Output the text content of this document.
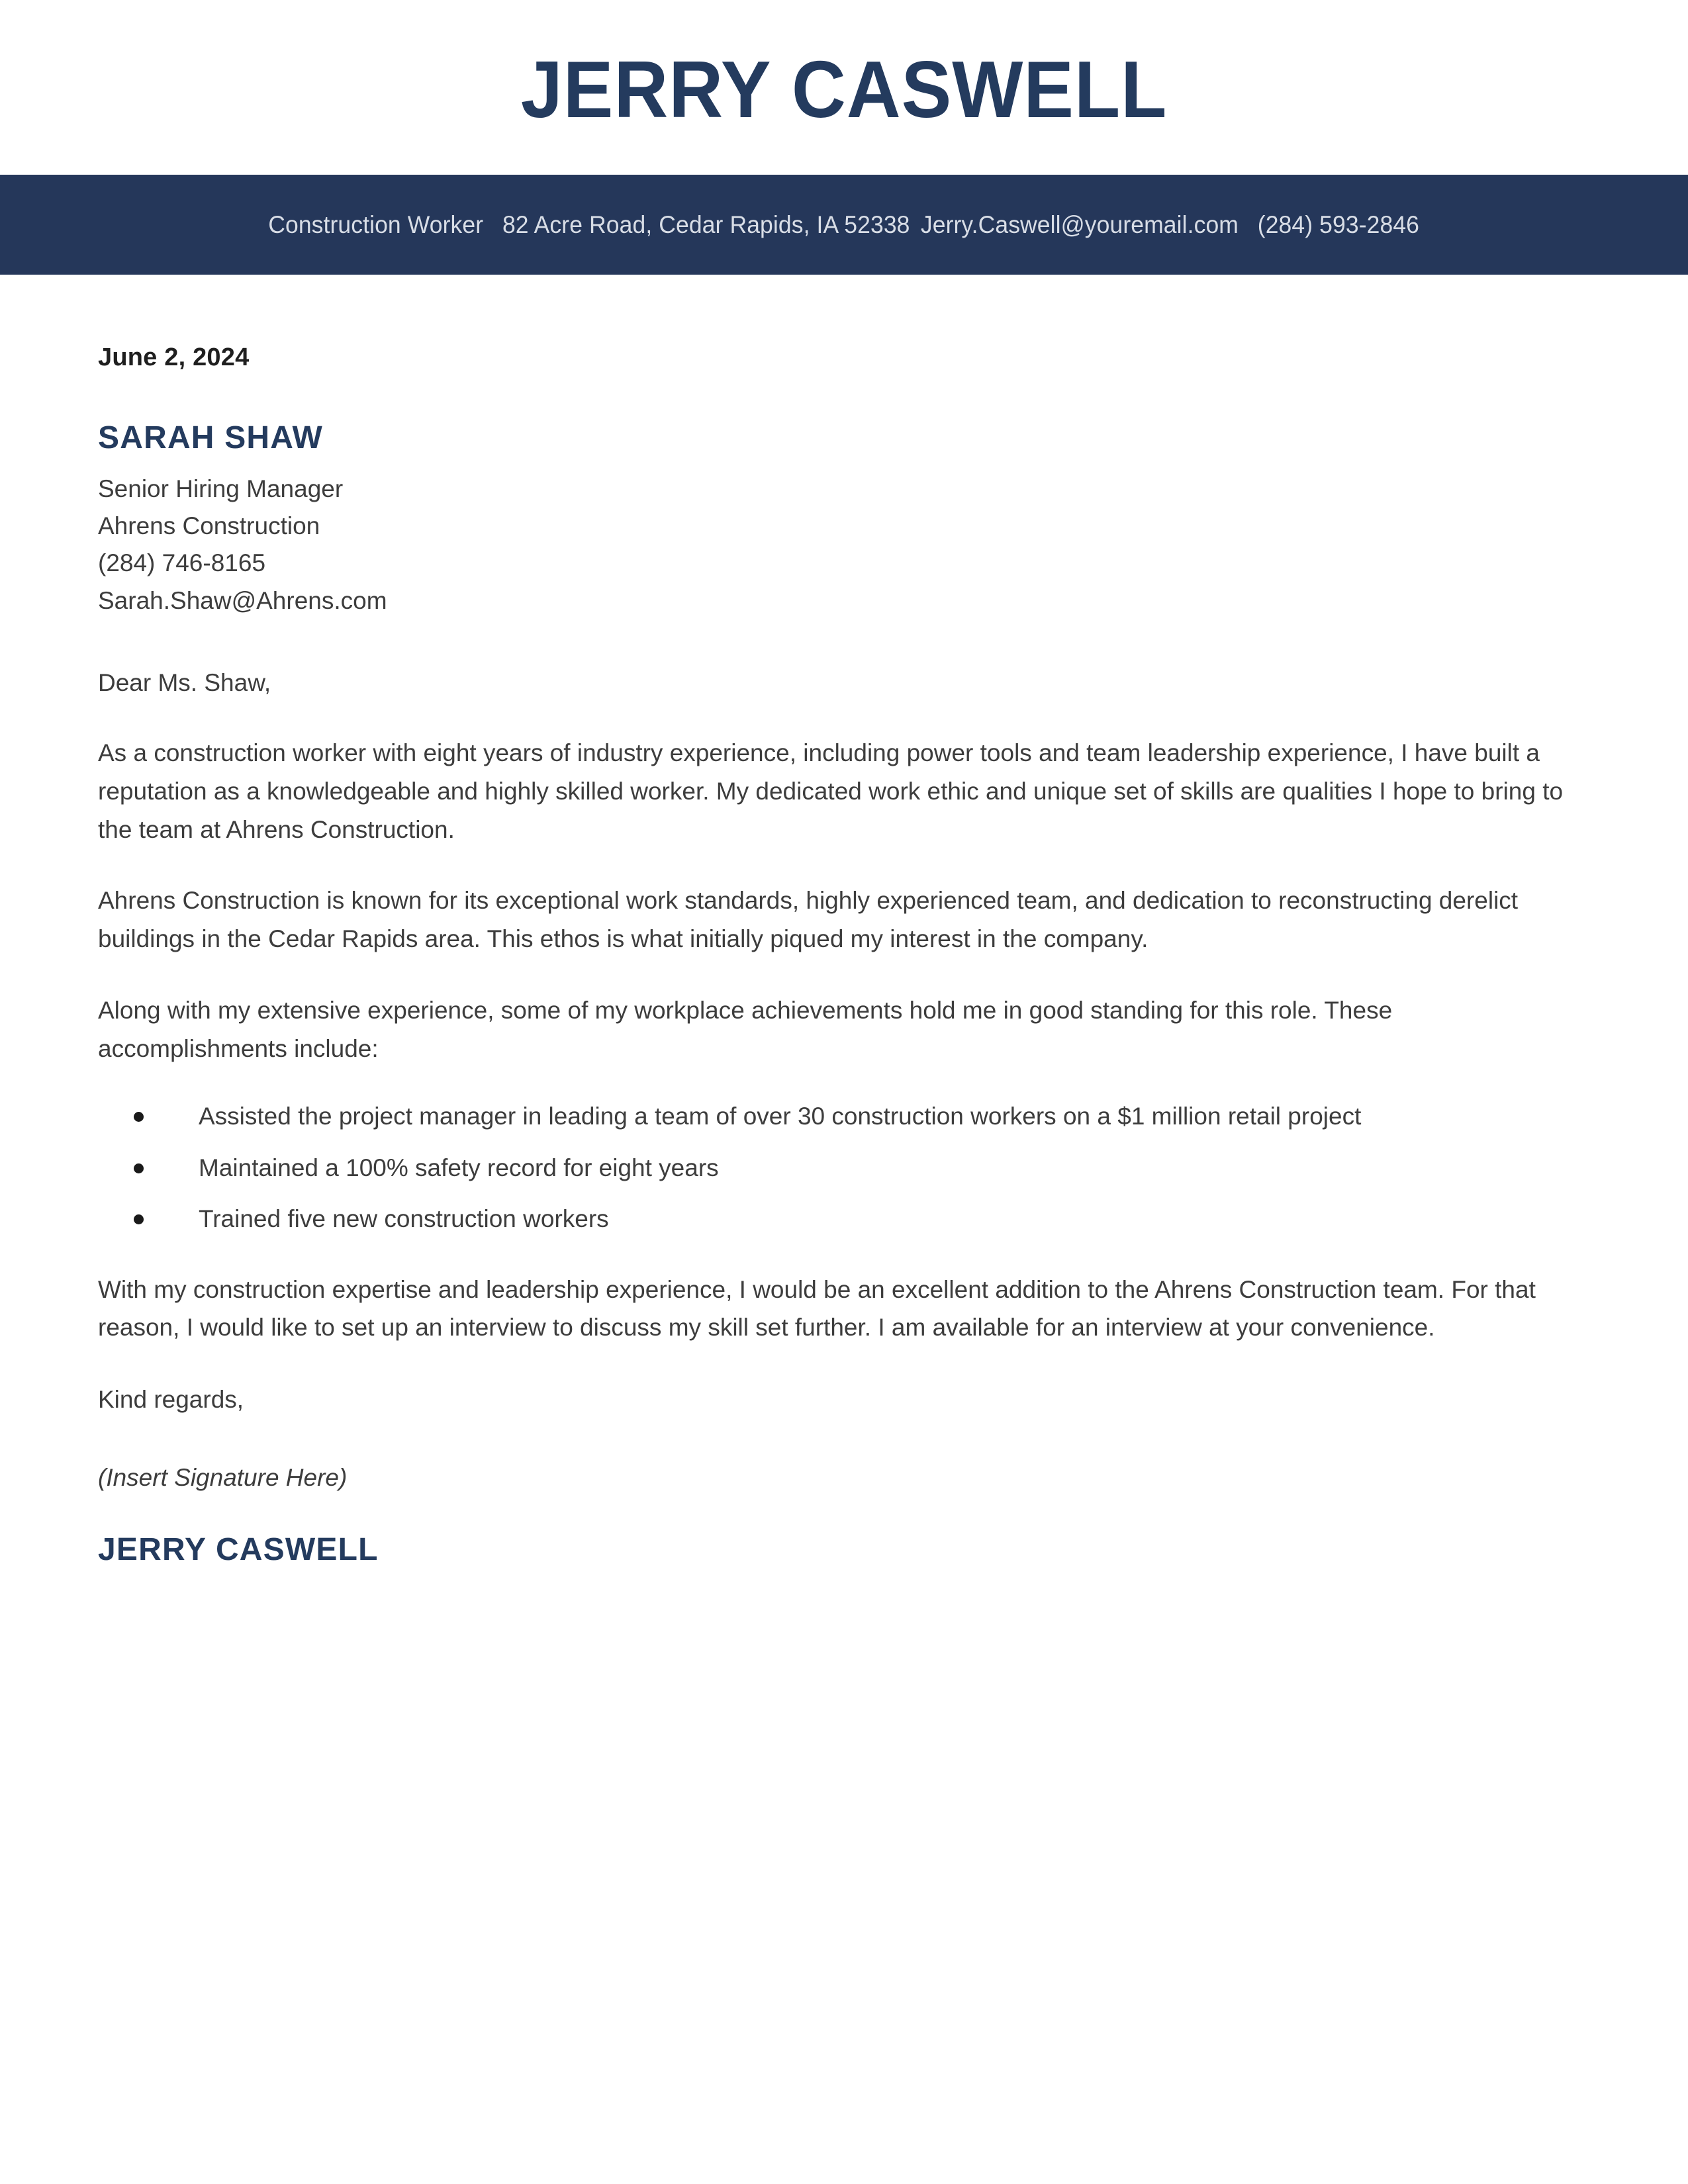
JERRY CASWELL
Construction Worker 82 Acre Road, Cedar Rapids, IA 52338 Jerry.Caswell@youremail.com (284) 593-2846
June 2, 2024
SARAH SHAW
Senior Hiring Manager
Ahrens Construction
(284) 746-8165
Sarah.Shaw@Ahrens.com
Dear Ms. Shaw,

As a construction worker with eight years of industry experience, including power tools and team leadership experience, I have built a reputation as a knowledgeable and highly skilled worker. My dedicated work ethic and unique set of skills are qualities I hope to bring to the team at Ahrens Construction.

Ahrens Construction is known for its exceptional work standards, highly experienced team, and dedication to reconstructing derelict buildings in the Cedar Rapids area. This ethos is what initially piqued my interest in the company.

Along with my extensive experience, some of my workplace achievements hold me in good standing for this role. These accomplishments include:

Assisted the project manager in leading a team of over 30 construction workers on a $1 million retail project
Maintained a 100% safety record for eight years
Trained five new construction workers

With my construction expertise and leadership experience, I would be an excellent addition to the Ahrens Construction team. For that reason, I would like to set up an interview to discuss my skill set further. I am available for an interview at your convenience.

Kind regards,
(Insert Signature Here)
JERRY CASWELL
